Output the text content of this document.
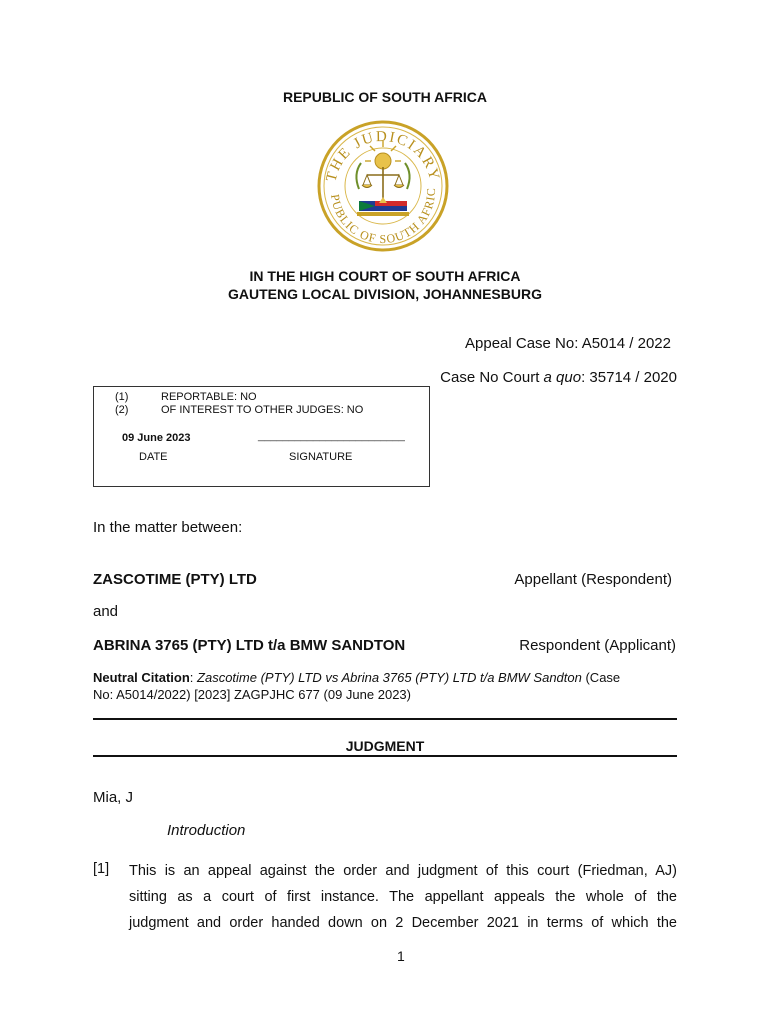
REPUBLIC OF SOUTH AFRICA
THE JUDICIARY
PUBLIC OF SOUTH AFRIC
IN THE HIGH COURT OF SOUTH AFRICA
GAUTENG LOCAL DIVISION, JOHANNESBURG
Appeal Case No: A5014 / 2022
Case No Court a quo: 35714 / 2020
(1)	REPORTABLE: NO
(2)	OF INTEREST TO OTHER JUDGES: NO
09 June 2023	________________________
DATE	SIGNATURE
In the matter between:
ZASCOTIME (PTY) LTD	Appellant (Respondent)
and
ABRINA 3765 (PTY) LTD t/a BMW SANDTON	Respondent (Applicant)
Neutral Citation: Zascotime (PTY) LTD vs Abrina 3765 (PTY) LTD t/a BMW Sandton (Case
No: A5014/2022) [2023] ZAGPJHC 677 (09 June 2023)
JUDGMENT
Mia, J
Introduction
[1] This is an appeal against the order and judgment of this court (Friedman, AJ)
sitting as a court of first instance. The appellant appeals the whole of the
judgment and order handed down on 2 December 2021 in terms of which the
1
